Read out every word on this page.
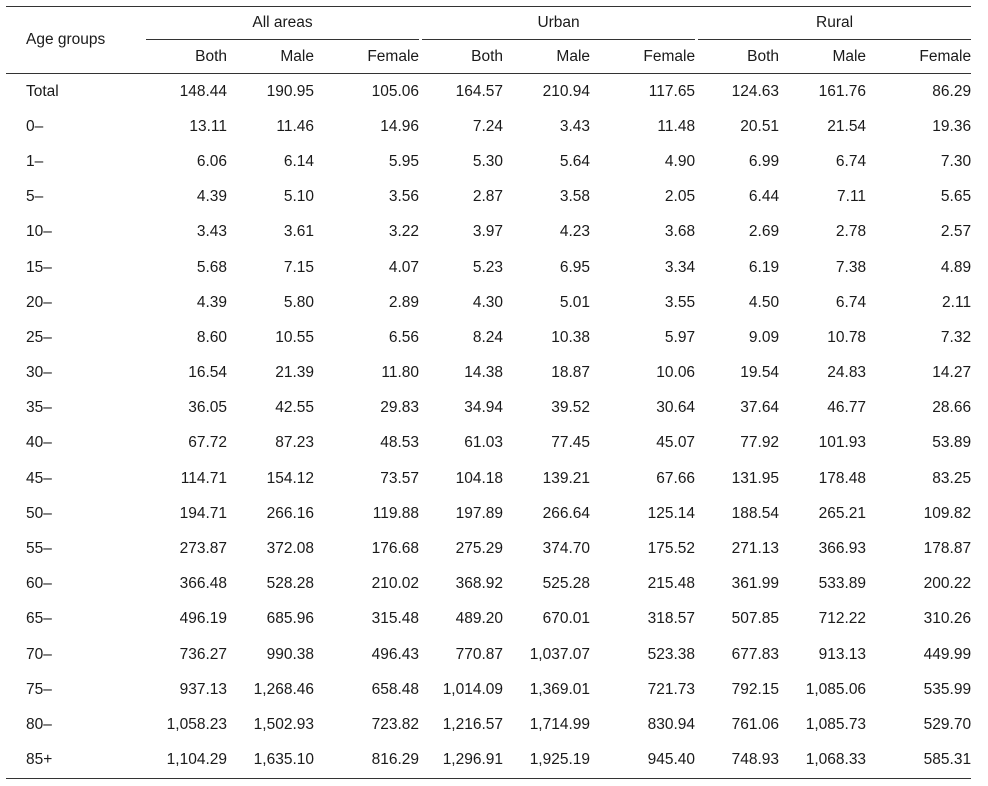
Age groups	All areas				Urban				Rural		
	Both	Male	Female		Both	Male	Female		Both	Male	Female
Total	148.44	190.95	105.06		164.57	210.94	117.65		124.63	161.76	86.29
0–	13.11	11.46	14.96		7.24	3.43	11.48		20.51	21.54	19.36
1–	6.06	6.14	5.95		5.30	5.64	4.90		6.99	6.74	7.30
5–	4.39	5.10	3.56		2.87	3.58	2.05		6.44	7.11	5.65
10–	3.43	3.61	3.22		3.97	4.23	3.68		2.69	2.78	2.57
15–	5.68	7.15	4.07		5.23	6.95	3.34		6.19	7.38	4.89
20–	4.39	5.80	2.89		4.30	5.01	3.55		4.50	6.74	2.11
25–	8.60	10.55	6.56		8.24	10.38	5.97		9.09	10.78	7.32
30–	16.54	21.39	11.80		14.38	18.87	10.06		19.54	24.83	14.27
35–	36.05	42.55	29.83		34.94	39.52	30.64		37.64	46.77	28.66
40–	67.72	87.23	48.53		61.03	77.45	45.07		77.92	101.93	53.89
45–	114.71	154.12	73.57		104.18	139.21	67.66		131.95	178.48	83.25
50–	194.71	266.16	119.88		197.89	266.64	125.14		188.54	265.21	109.82
55–	273.87	372.08	176.68		275.29	374.70	175.52		271.13	366.93	178.87
60–	366.48	528.28	210.02		368.92	525.28	215.48		361.99	533.89	200.22
65–	496.19	685.96	315.48		489.20	670.01	318.57		507.85	712.22	310.26
70–	736.27	990.38	496.43		770.87	1,037.07	523.38		677.83	913.13	449.99
75–	937.13	1,268.46	658.48		1,014.09	1,369.01	721.73		792.15	1,085.06	535.99
80–	1,058.23	1,502.93	723.82		1,216.57	1,714.99	830.94		761.06	1,085.73	529.70
85+	1,104.29	1,635.10	816.29		1,296.91	1,925.19	945.40		748.93	1,068.33	585.31
